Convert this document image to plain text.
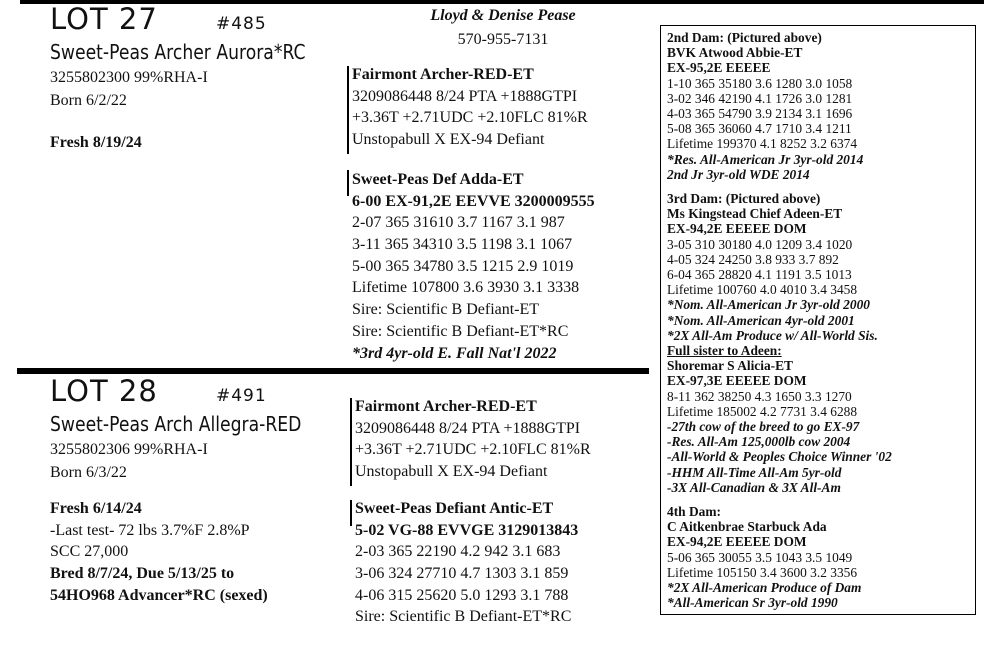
LOT 27	#485
Sweet-Peas Archer Aurora*RC
3255802300 99%RHA-I
Born 6/2/22
Fresh 8/19/24
Lloyd & Denise Pease
570-955-7131
Fairmont Archer-RED-ET
3209086448 8/24 PTA +1888GTPI
+3.36T +2.71UDC +2.10FLC 81%R
Unstopabull X EX-94 Defiant
Sweet-Peas Def Adda-ET
6-00 EX-91,2E EEVVE 3200009555
2-07 365 31610 3.7 1167 3.1 987
3-11 365 34310 3.5 1198 3.1 1067
5-00 365 34780 3.5 1215 2.9 1019
Lifetime 107800 3.6 3930 3.1 3338
Sire: Scientific B Defiant-ET
Sire: Scientific B Defiant-ET*RC
*3rd 4yr-old E. Fall Nat'l 2022
LOT 28	#491
Sweet-Peas Arch Allegra-RED
3255802306 99%RHA-I
Born 6/3/22
Fresh 6/14/24
-Last test- 72 lbs 3.7%F 2.8%P
SCC 27,000
Bred 8/7/24, Due 5/13/25 to
54HO968 Advancer*RC (sexed)
Fairmont Archer-RED-ET
3209086448 8/24 PTA +1888GTPI
+3.36T +2.71UDC +2.10FLC 81%R
Unstopabull X EX-94 Defiant
Sweet-Peas Defiant Antic-ET
5-02 VG-88 EVVGE 3129013843
2-03 365 22190 4.2 942 3.1 683
3-06 324 27710 4.7 1303 3.1 859
4-06 315 25620 5.0 1293 3.1 788
Sire: Scientific B Defiant-ET*RC
2nd Dam: (Pictured above)
BVK Atwood Abbie-ET
EX-95,2E EEEEE
1-10 365 35180 3.6 1280 3.0 1058
3-02 346 42190 4.1 1726 3.0 1281
4-03 365 54790 3.9 2134 3.1 1696
5-08 365 36060 4.7 1710 3.4 1211
Lifetime 199370 4.1 8252 3.2 6374
*Res. All-American Jr 3yr-old 2014
2nd Jr 3yr-old WDE 2014
3rd Dam: (Pictured above)
Ms Kingstead Chief Adeen-ET
EX-94,2E EEEEE DOM
3-05 310 30180 4.0 1209 3.4 1020
4-05 324 24250 3.8 933 3.7 892
6-04 365 28820 4.1 1191 3.5 1013
Lifetime 100760 4.0 4010 3.4 3458
*Nom. All-American Jr 3yr-old 2000
*Nom. All-American 4yr-old 2001
*2X All-Am Produce w/ All-World Sis.
Full sister to Adeen:
Shoremar S Alicia-ET
EX-97,3E EEEEE DOM
8-11 362 38250 4.3 1650 3.3 1270
Lifetime 185002 4.2 7731 3.4 6288
-27th cow of the breed to go EX-97
-Res. All-Am 125,000lb cow 2004
-All-World & Peoples Choice Winner '02
-HHM All-Time All-Am 5yr-old
-3X All-Canadian & 3X All-Am
4th Dam:
C Aitkenbrae Starbuck Ada
EX-94,2E EEEEE DOM
5-06 365 30055 3.5 1043 3.5 1049
Lifetime 105150 3.4 3600 3.2 3356
*2X All-American Produce of Dam
*All-American Sr 3yr-old 1990
